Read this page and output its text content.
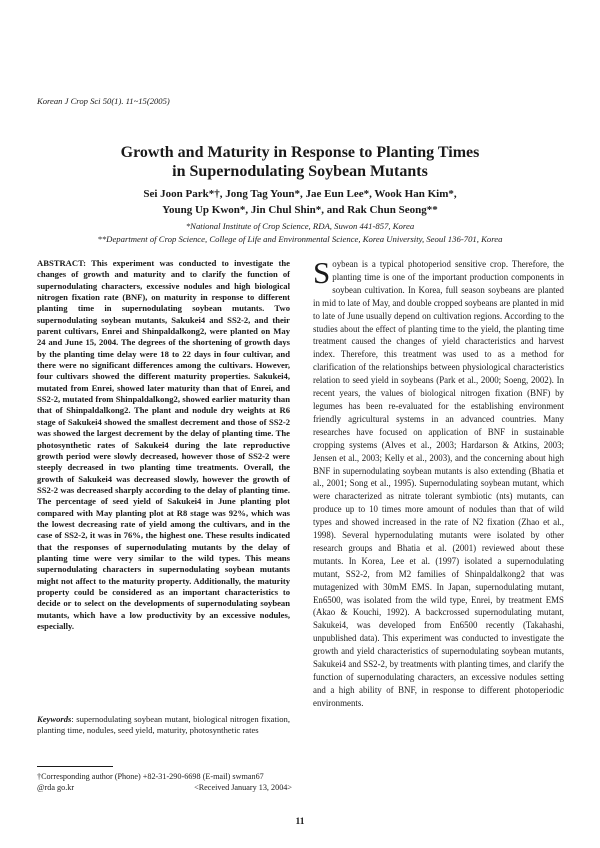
Korean J Crop Sci 50(1). 11~15(2005)
Growth and Maturity in Response to Planting Times
in Supernodulating Soybean Mutants
Sei Joon Park*†, Jong Tag Youn*, Jae Eun Lee*, Wook Han Kim*,
Young Up Kwon*, Jin Chul Shin*, and Rak Chun Seong**
*National Institute of Crop Science, RDA, Suwon 441-857, Korea
**Department of Crop Science, College of Life and Environmental Science, Korea University, Seoul 136-701, Korea
ABSTRACT: This experiment was conducted to investigate the changes of growth and maturity and to clarify the function of supernodulating characters, excessive nodules and high biological nitrogen fixation rate (BNF), on maturity in response to different planting time in supernodulating soybean mutants. Two supernodulating soybean mutants, Sakukei4 and SS2-2, and their parent cultivars, Enrei and Shinpaldalkong2, were planted on May 24 and June 15, 2004. The degrees of the shortening of growth days by the planting time delay were 18 to 22 days in four cultivar, and there were no significant differences among the cultivars. However, four cultivars showed the different maturity properties. Sakukei4, mutated from Enrei, showed later maturity than that of Enrei, and SS2-2, mutated from Shinpaldalkong2, showed earlier maturity than that of Shinpaldalkong2. The plant and nodule dry weights at R6 stage of Sakukei4 showed the smallest decrement and those of SS2-2 was showed the largest decrement by the delay of planting time. The photosynthetic rates of Sakukei4 during the late reproductive growth period were slowly decreased, however those of SS2-2 were steeply decreased in two planting time treatments. Overall, the growth of Sakukei4 was decreased slowly, however the growth of SS2-2 was decreased sharply according to the delay of planting time. The percentage of seed yield of Sakukei4 in June planting plot compared with May planting plot at R8 stage was 92%, which was the lowest decreasing rate of yield among the cultivars, and in the case of SS2-2, it was in 76%, the highest one. These results indicated that the responses of supernodulating mutants by the delay of planting time were very similar to the wild types. This means supernodulating characters in supernodulating soybean mutants might not affect to the maturity property. Additionally, the maturity property could be considered as an important characteristics to decide or to select on the developments of supernodulating soybean mutants, which have a low productivity by an excessive nodules, especially.
Keywords: supernodulating soybean mutant, biological nitrogen fixation, planting time, nodules, seed yield, maturity, photosynthetic rates
†Corresponding author (Phone) +82-31-290-6698 (E-mail) swman67
@rda go.kr	<Received January 13, 2004>
Soybean is a typical photoperiod sensitive crop. Therefore, the planting time is one of the important production components in soybean cultivation. In Korea, full season soybeans are planted in mid to late of May, and double cropped soybeans are planted in mid to late of June usually depend on cultivation regions. According to the studies about the effect of planting time to the yield, the planting time treatment caused the changes of yield characteristics and harvest index. Therefore, this treatment was used to as a method for clarification of the relationships between physiological characteristics relation to seed yield in soybeans (Park et al., 2000; Soeng, 2002). In recent years, the values of biological nitrogen fixation (BNF) by legumes has been re-evaluated for the establishing environment friendly agricultural systems in an advanced countries. Many researches have focused on application of BNF in sustainable cropping systems (Alves et al., 2003; Hardarson & Atkins, 2003; Jensen et al., 2003; Kelly et al., 2003), and the concerning about high BNF in supernodulating soybean mutants is also extending (Bhatia et al., 2001; Song et al., 1995). Supernodulating soybean mutant, which were characterized as nitrate tolerant symbiotic (nts) mutants, can produce up to 10 times more amount of nodules than that of wild types and showed increased in the rate of N2 fixation (Zhao et al., 1998). Several hypernodulating mutants were isolated by other research groups and Bhatia et al. (2001) reviewed about these mutants. In Korea, Lee et al. (1997) isolated a supernodulating mutant, SS2-2, from M2 families of Shinpaldalkong2 that was mutagenized with 30mM EMS. In Japan, supernodulating mutant, En6500, was isolated from the wild type, Enrei, by treatment EMS (Akao & Kouchi, 1992). A backcrossed supernodulating mutant, Sakukei4, was developed from En6500 recently (Takahashi, unpublished data). This experiment was conducted to investigate the growth and yield characteristics of supernodulating soybean mutants, Sakukei4 and SS2-2, by treatments with planting times, and clarify the function of supernodulating characters, an excessive nodules setting and a high ability of BNF, in response to different photoperiodic environments.
11
